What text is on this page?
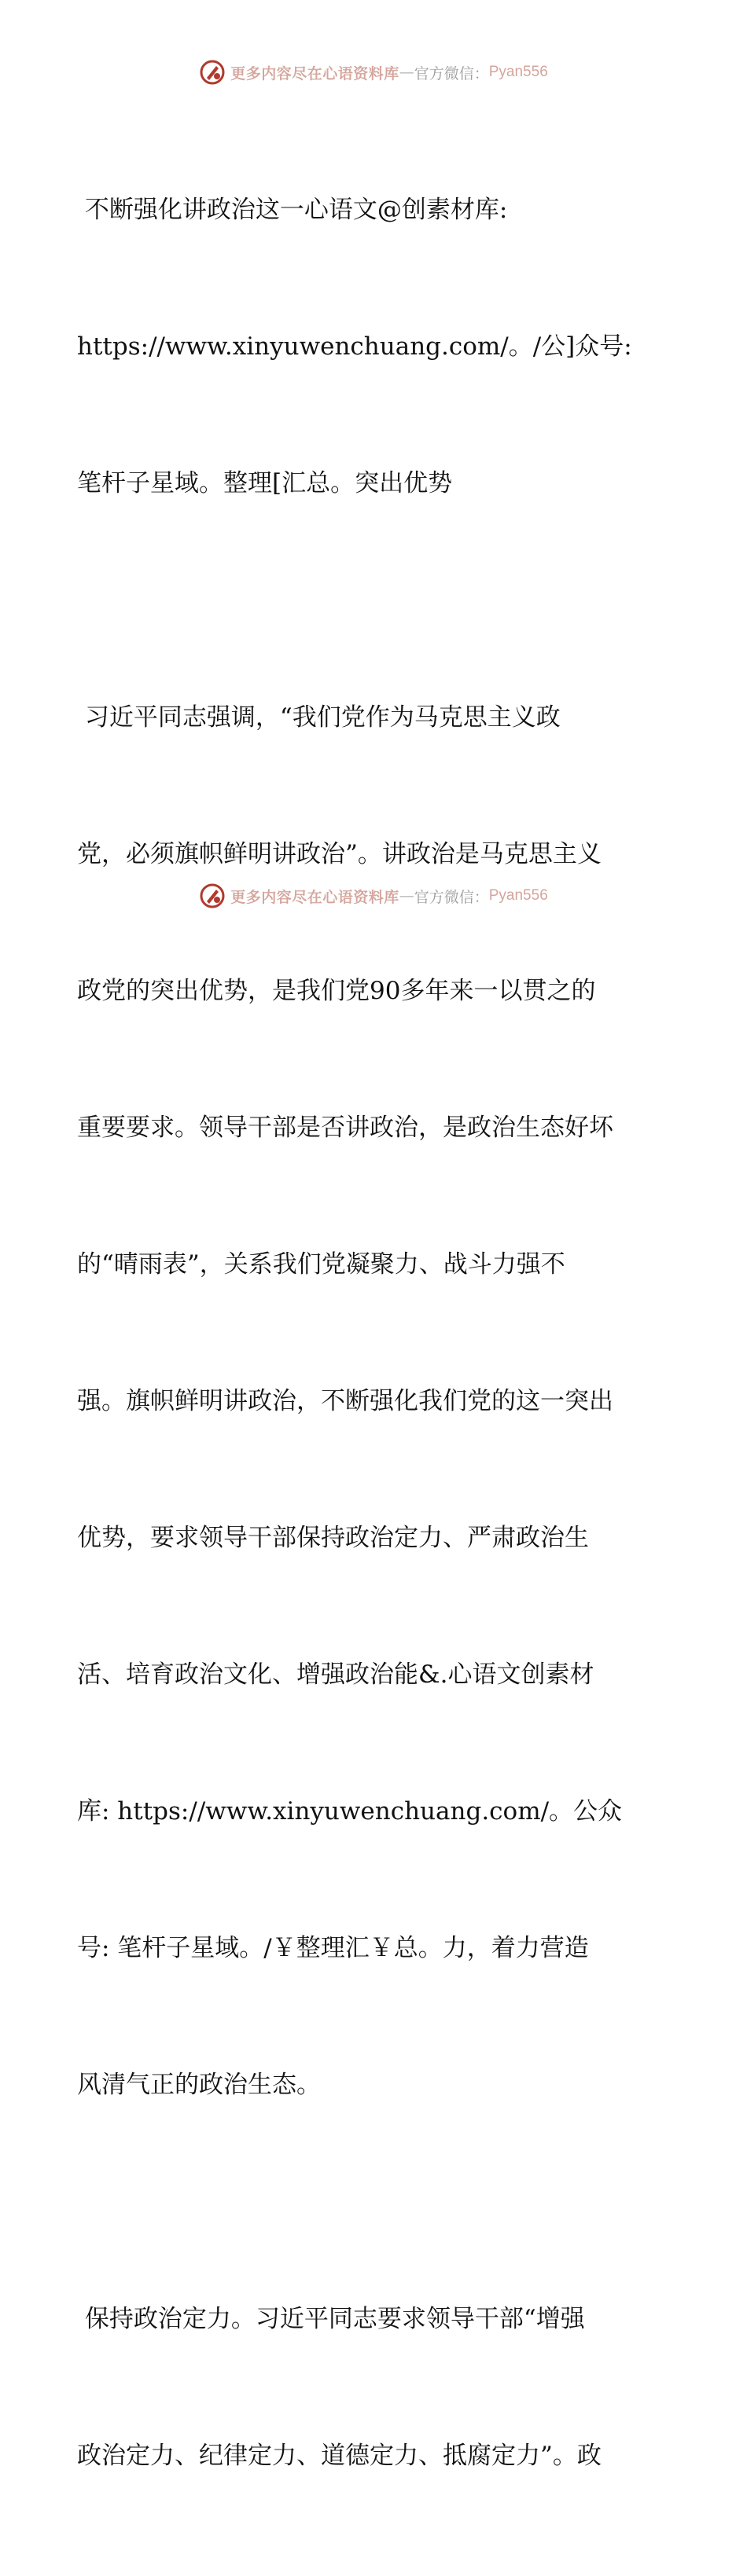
更多内容尽在心语资料库 — 官方微信： Pyan556

不断强化讲政治这一心语文@创素材库:

https://www.xinyuwenchuang.com/。/公]众号:

笔杆子星域。整理[汇总。突出优势

习近平同志强调，“我们党作为马克思主义政

党，必须旗帜鲜明讲政治”。讲政治是马克思主义

政党的突出优势，是我们党90多年来一以贯之的

重要要求。领导干部是否讲政治，是政治生态好坏

的“晴雨表”，关系我们党凝聚力、战斗力强不

强。旗帜鲜明讲政治，不断强化我们党的这一突出

优势，要求领导干部保持政治定力、严肃政治生

活、培育政治文化、增强政治能&.心语文创素材

库: https://www.xinyuwenchuang.com/。公众

号: 笔杆子星域。/￥整理汇￥总。力，着力营造

风清气正的政治生态。

保持政治定力。习近平同志要求领导干部“增强

政治定力、纪律定力、道德定力、抵腐定力”。政

更多内容尽在心语资料库 — 官方微信： Pyan556
